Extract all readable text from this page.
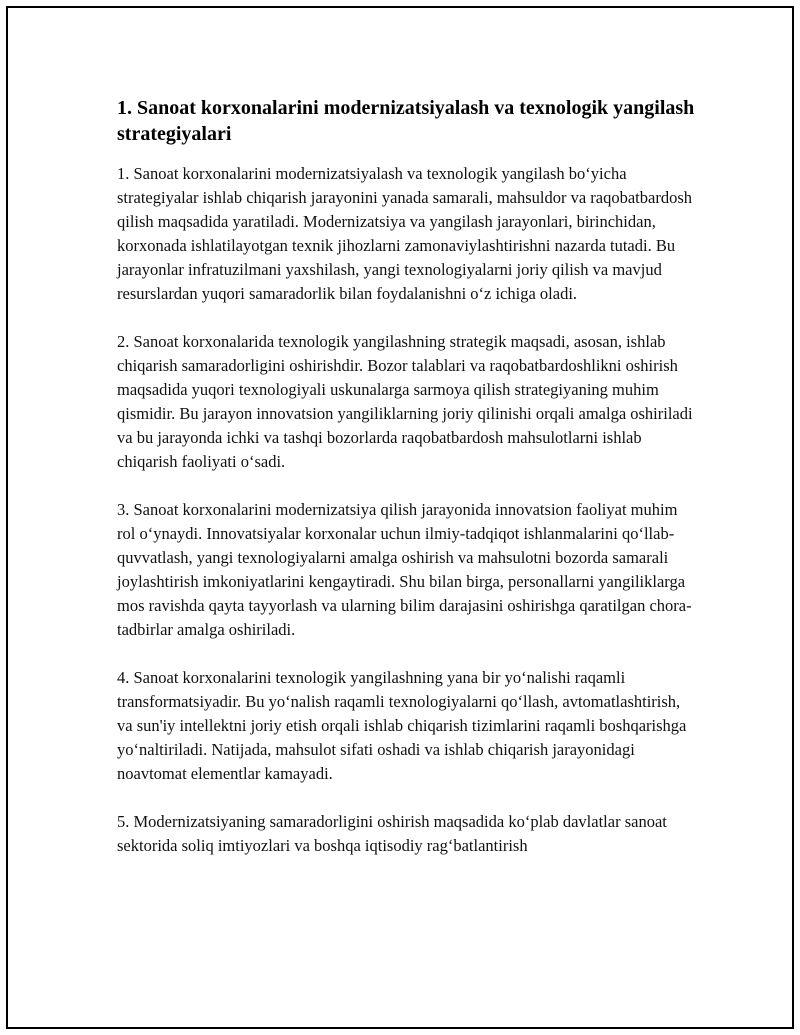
1. Sanoat korxonalarini modernizatsiyalash va texnologik yangilash strategiyalari

1. Sanoat korxonalarini modernizatsiyalash va texnologik yangilash bo‘yicha strategiyalar ishlab chiqarish jarayonini yanada samarali, mahsuldor va raqobatbardosh qilish maqsadida yaratiladi. Modernizatsiya va yangilash jarayonlari, birinchidan, korxonada ishlatilayotgan texnik jihozlarni zamonaviylashtirishni nazarda tutadi. Bu jarayonlar infratuzilmani yaxshilash, yangi texnologiyalarni joriy qilish va mavjud resurslardan yuqori samaradorlik bilan foydalanishni o‘z ichiga oladi.

2. Sanoat korxonalarida texnologik yangilashning strategik maqsadi, asosan, ishlab chiqarish samaradorligini oshirishdir. Bozor talablari va raqobatbardoshlikni oshirish maqsadida yuqori texnologiyali uskunalarga sarmoya qilish strategiyaning muhim qismidir. Bu jarayon innovatsion yangiliklarning joriy qilinishi orqali amalga oshiriladi va bu jarayonda ichki va tashqi bozorlarda raqobatbardosh mahsulotlarni ishlab chiqarish faoliyati o‘sadi.

3. Sanoat korxonalarini modernizatsiya qilish jarayonida innovatsion faoliyat muhim rol o‘ynaydi. Innovatsiyalar korxonalar uchun ilmiy-tadqiqot ishlanmalarini qo‘llab-quvvatlash, yangi texnologiyalarni amalga oshirish va mahsulotni bozorda samarali joylashtirish imkoniyatlarini kengaytiradi. Shu bilan birga, personallarni yangiliklarga mos ravishda qayta tayyorlash va ularning bilim darajasini oshirishga qaratilgan chora-tadbirlar amalga oshiriladi.

4. Sanoat korxonalarini texnologik yangilashning yana bir yo‘nalishi raqamli transformatsiyadir. Bu yo‘nalish raqamli texnologiyalarni qo‘llash, avtomatlashtirish, va sun'iy intellektni joriy etish orqali ishlab chiqarish tizimlarini raqamli boshqarishga yo‘naltiriladi. Natijada, mahsulot sifati oshadi va ishlab chiqarish jarayonidagi noavtomat elementlar kamayadi.

5. Modernizatsiyaning samaradorligini oshirish maqsadida ko‘plab davlatlar sanoat sektorida soliq imtiyozlari va boshqa iqtisodiy rag‘batlantirish
